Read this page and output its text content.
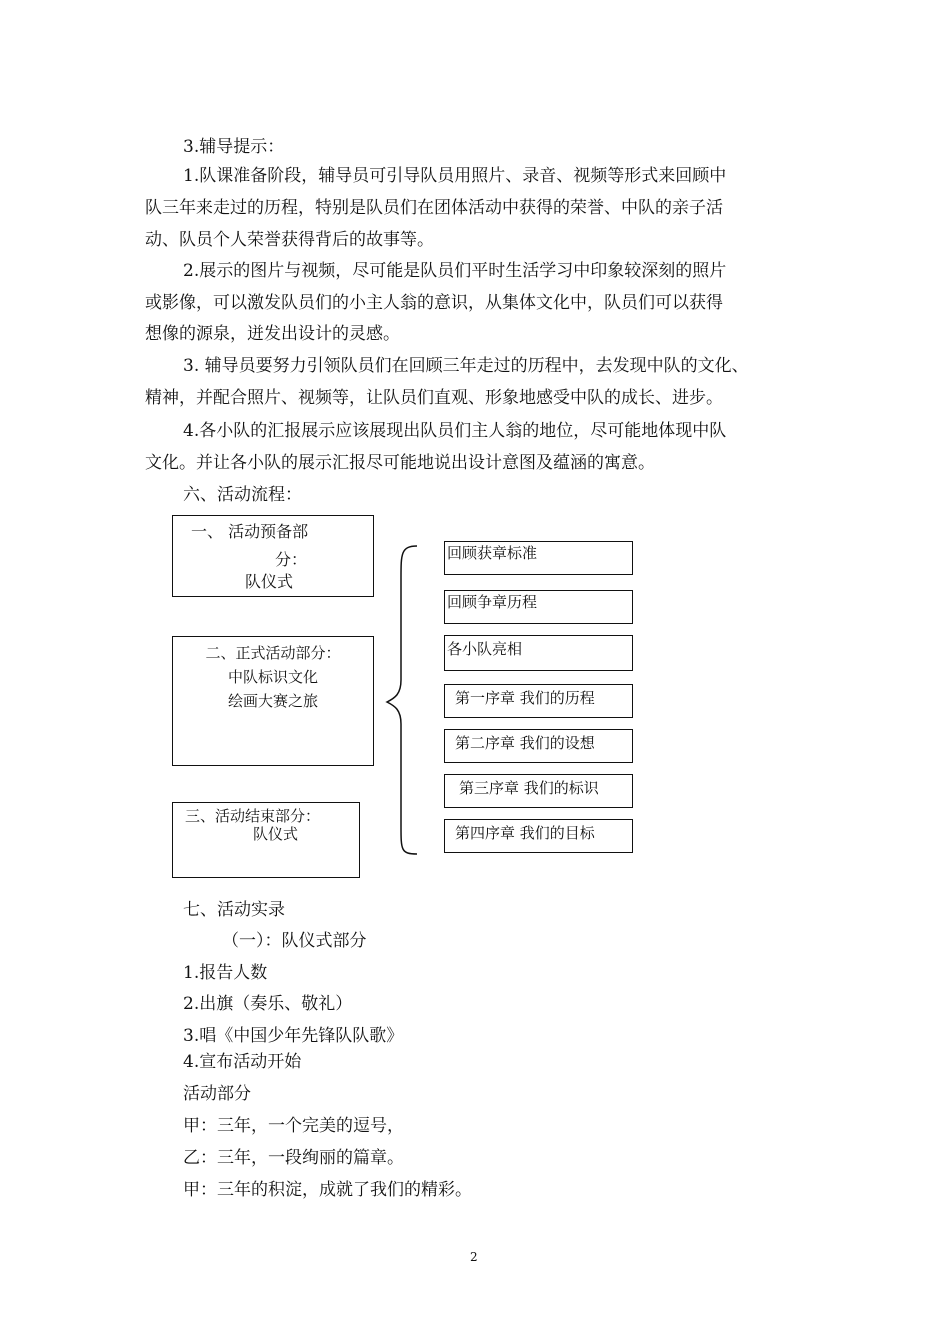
3.辅导提示：
1.队课准备阶段，辅导员可引导队员用照片、录音、视频等形式来回顾中
队三年来走过的历程，特别是队员们在团体活动中获得的荣誉、中队的亲子活
动、队员个人荣誉获得背后的故事等。
2.展示的图片与视频，尽可能是队员们平时生活学习中印象较深刻的照片
或影像，可以激发队员们的小主人翁的意识，从集体文化中，队员们可以获得
想像的源泉，迸发出设计的灵感。
3. 辅导员要努力引领队员们在回顾三年走过的历程中，去发现中队的文化、
精神，并配合照片、视频等，让队员们直观、形象地感受中队的成长、进步。
4.各小队的汇报展示应该展现出队员们主人翁的地位，尽可能地体现中队
文化。并让各小队的展示汇报尽可能地说出设计意图及蕴涵的寓意。
六、活动流程：
一、 活动预备部
分：
队仪式
二、正式活动部分：
中队标识文化
绘画大赛之旅
三、活动结束部分：
队仪式
回顾获章标准
回顾争章历程
各小队亮相
第一序章 我们的历程
第二序章 我们的设想
第三序章 我们的标识
第四序章 我们的目标
七、活动实录
（一）：队仪式部分
1.报告人数
2.出旗（奏乐、敬礼）
3.唱《中国少年先锋队队歌》
4.宣布活动开始
活动部分
甲：三年，一个完美的逗号，
乙：三年，一段绚丽的篇章。
甲：三年的积淀，成就了我们的精彩。
2
